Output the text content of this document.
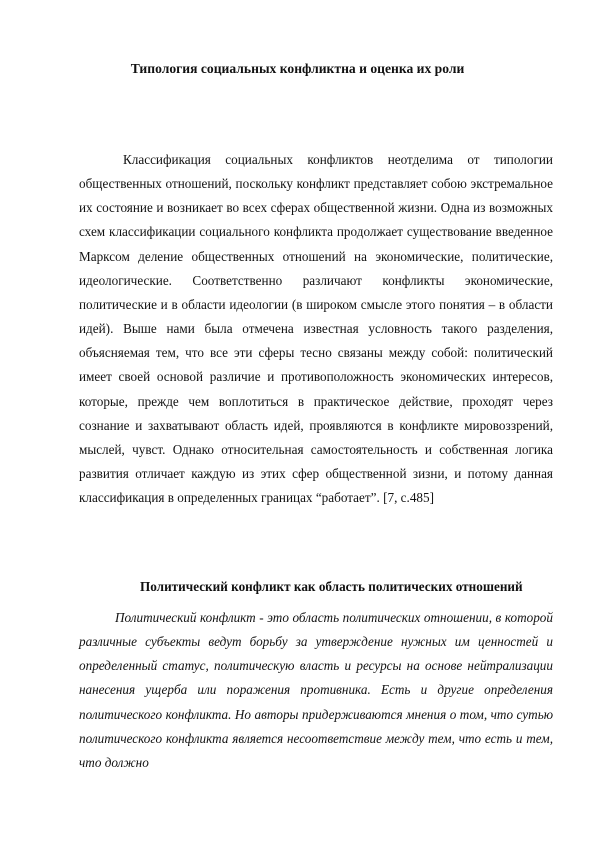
Типология социальных конфликтна и оценка их роли

Классификация социальных конфликтов неотделима от типологии общественных отношений, поскольку конфликт представляет собою экстремальное их состояние и возникает во всех сферах общественной жизни. Одна из возможных схем классификации социального конфликта продолжает существование введенное Марксом деление общественных отношений на экономические, политические, идеологические. Соответственно различают конфликты экономические, политические и в области идеологии (в широком смысле этого понятия – в области идей). Выше нами была отмечена известная условность такого разделения, объясняемая тем, что все эти сферы тесно связаны между собой: политический имеет своей основой различие и противоположность экономических интересов, которые, прежде чем воплотиться в практическое действие, проходят через сознание и захватывают область идей, проявляются в конфликте мировоззрений, мыслей, чувст. Однако относительная самостоятельность и собственная логика развития отличает каждую из этих сфер общественной зизни, и потому данная классификация в определенных границах “работает”. [7, с.485]

Политический конфликт как область политических отношений

Политический конфликт - это область политических отношении, в которой различные субъекты ведут борьбу за утверждение нужных им ценностей и определенный статус, политическую власть и ресурсы на основе нейтрализации нанесения ущерба или поражения противника. Есть и другие определения политического конфликта. Но авторы придерживаются мнения о том, что сутью политического конфликта является несоответствие между тем, что есть и тем, что должно
